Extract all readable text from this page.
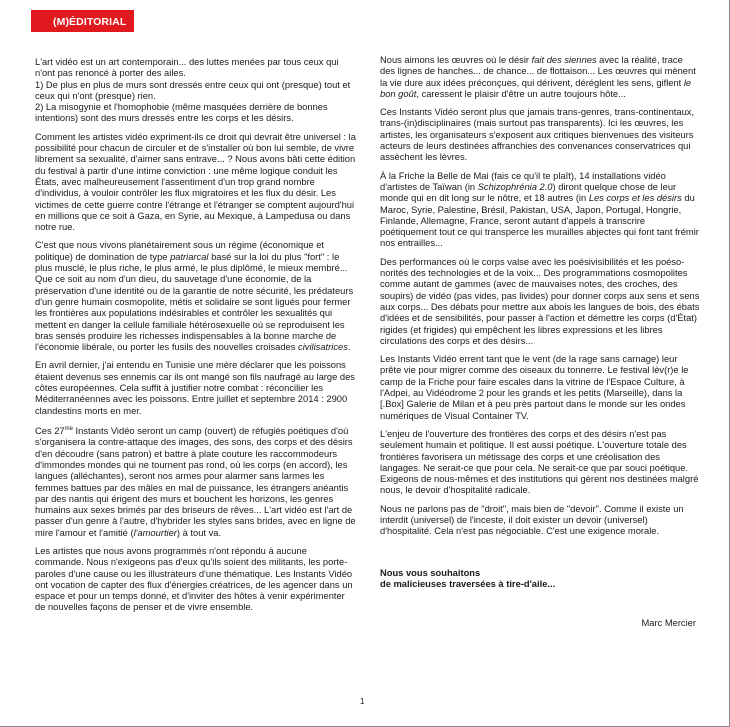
(M)ÉDITORIAL

L'art vidéo est un art contemporain... des luttes menées par tous ceux qui n'ont pas renoncé à porter des ailes.

1) De plus en plus de murs sont dressés entre ceux qui ont (presque) tout et ceux qui n'ont (presque) rien.

2) La misogynie et l'homophobie (même masquées derrière de bonnes intentions) sont des murs dressés entre les corps et les désirs.

Comment les artistes vidéo expriment-ils ce droit qui devrait être universel : la possibilité pour chacun de circuler et de s'installer où bon lui semble, de vivre librement sa sexualité, d'aimer sans entrave... ? Nous avons bâti cette édition du festival à partir d'une intime conviction : une même logique conduit les États, avec malheureusement l'assentiment d'un trop grand nombre d'individus, à vouloir contrôler les flux migratoires et les flux du désir. Les victimes de cette guerre contre l'étrange et l'étranger se comptent aujourd'hui en millions que ce soit à Gaza, en Syrie, au Mexique, à Lampedusa ou dans notre rue.

C'est que nous vivons planétairement sous un régime (économique et politique) de domination de type patriarcal basé sur la loi du plus "fort" : le plus musclé, le plus riche, le plus armé, le plus diplômé, le mieux membré... Que ce soit au nom d'un dieu, du sauvetage d'une économie, de la préservation d'une identité ou de la garantie de notre sécurité, les prédateurs d'un genre humain cosmopolite, métis et solidaire se sont ligués pour fermer les frontières aux populations indésirables et contrôler les sexualités qui mettent en danger la cellule familiale hétérosexuelle où se reproduisent les bras sensés produire les richesses indispensables à la bonne marche de l'économie libérale, ou porter les fusils des nouvelles croisades civilisatrices.

En avril dernier, j'ai entendu en Tunisie une mère déclarer que les poissons étaient devenus ses ennemis car ils ont mangé son fils naufragé au large des côtes européennes. Cela suffit à justifier notre combat : réconcilier les Méditerranéennes avec les poissons. Entre juillet et septembre 2014 : 2900 clandestins morts en mer.

Ces $27^{me}$ Instants Vidéo seront un camp (ouvert) de réfugiés poétiques d'où s'organisera la contre-attaque des images, des sons, des corps et des désirs d'en découdre (sans patron) et battre à plate couture les raccommodeurs d'immondes mondes qui ne tournent pas rond, où les corps (en accord), les langues (alléchantes), seront nos armes pour alarmer sans larmes les femmes battues par des mâles en mal de puissance, les étrangers anéantis par des nantis qui érigent des murs et bouchent les horizons, les genres humains aux sexes brimés par des briseurs de rêves... L'art vidéo est l'art de passer d'un genre à l'autre, d'hybrider les styles sans brides, avec en ligne de mire l'amour et l'amitié (l'amourtier) à tout va.

Les artistes que nous avons programmés n'ont répondu à aucune commande. Nous n'exigeons pas d'eux qu'ils soient des militants, les porte-paroles d'une cause ou les illustrateurs d'une thématique. Les Instants Vidéo ont vocation de capter des flux d'énergies créatrices, de les agencer dans un espace et pour un temps donné, et d'inviter des hôtes à venir expérimenter de nouvelles façons de penser et de vivre ensemble.

Nous aimons les œuvres où le désir fait des siennes avec la réalité, trace des lignes de hanches... de chance... de flottaison... Les œuvres qui mènent la vie dure aux idées préconçues, qui dérivent, déréglent les sens, giflent le bon goût, caressent le plaisir d'être un autre toujours hôte...

Ces Instants Vidéo seront plus que jamais trans-genres, trans-continentaux, trans-(in)disciplinaires (mais surtout pas transparents). Ici les œuvres, les artistes, les organisateurs s'exposent aux critiques bienvenues des visiteurs acteurs de leurs destinées affranchies des convenances conservatrices qui assèchent les lèvres.

À la Friche la Belle de Mai (fais ce qu'il te plaît), 14 installations vidéo d'artistes de Taïwan (in Schizophrénia 2.0) diront quelque chose de leur monde qui en dit long sur le nôtre, et 18 autres (in Les corps et les désirs du Maroc, Syrie, Palestine, Brésil, Pakistan, USA, Japon, Portugal, Hongrie, Finlande, Allemagne, France, seront autant d'appels à transcrire poétiquement tout ce qui transperce les murailles abjectes qui font tant frémir nos entrailles...

Des performances où le corps valse avec les poésivisibilités et les poéso-norités des technologies et de la voix... Des programmations cosmopolites comme autant de gammes (avec de mauvaises notes, des croches, des soupirs) de vidéo (pas vides, pas livides) pour donner corps aux sens et sens aux corps... Des débats pour mettre aux abois les langues de bois, des ébats d'idées et de sensibilités, pour passer à l'action et démettre les corps (d'État) rigides (et frigides) qui empêchent les libres expressions et les libres circulations des corps et des désirs...

Les Instants Vidéo errent tant que le vent (de la rage sans carnage) leur prête vie pour migrer comme des oiseaux du tonnerre. Le festival lèv(r)e le camp de la Friche pour faire escales dans la vitrine de l'Espace Culture, à l'Adpei, au Vidéodrome 2 pour les grands et les petits (Marseille), dans la [.Box] Galerie de Milan et à peu près partout dans le monde sur les ondes numériques de Visual Container TV.

L'enjeu de l'ouverture des frontières des corps et des désirs n'est pas seulement humain et politique. Il est aussi poétique. L'ouverture totale des frontières favorisera un métissage des corps et une créolisation des langages. Ne serait-ce que pour cela. Ne serait-ce que par souci poétique. Exigeons de nous-mêmes et des institutions qui gèrent nos destinées malgré nous, le devoir d'hospitalité radicale.

Nous ne parlons pas de "droit", mais bien de "devoir". Comme il existe un interdit (universel) de l'inceste, il doit exister un devoir (universel) d'hospitalité. Cela n'est pas négociable. C'est une exigence morale.

Nous vous souhaitons
de malicieuses traversées à tire-d'aile...

Marc Mercier

1
